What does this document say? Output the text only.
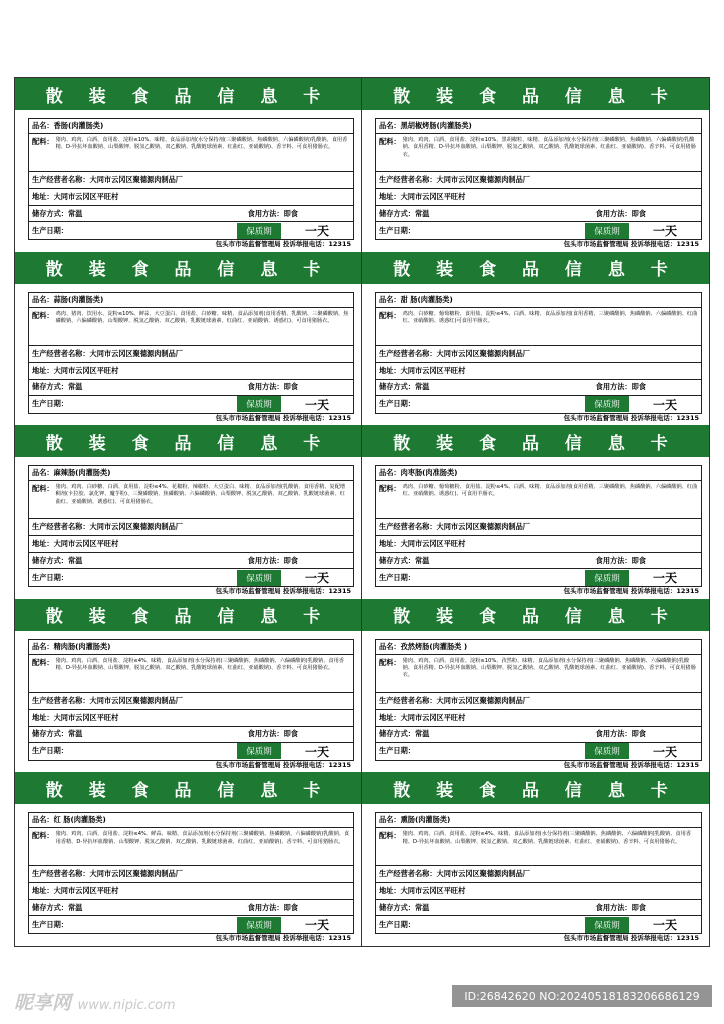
散 装 食 品 信 息 卡
品名： 香肠(肉灌肠类)
配料： 猪肉、鸡肉、白酒、食用盐、淀粉≤10%、味精、食品添加剂(水分保持剂(三聚磷酸钠、焦磷酸钠、六偏磷酸钠)乳酸钠、食用香精、D-异抗坏血酸钠、山梨酸钾、脱氢乙酸钠、双乙酸钠、乳酸链球菌素、红曲红、亚硝酸钠)、香辛料、可食用猪肠衣。
生产经营者名称： 大同市云冈区聚德源肉制品厂
地址： 大同市云冈区平旺村
储存方式：常温	食用方法：即食
生产日期：	保质期	一天
包头市市场监督管理局 投诉举报电话：12315
散 装 食 品 信 息 卡
品名： 黑胡椒烤肠(肉灌肠类)
配料： 猪肉、鸡肉、白酒、食用盐、淀粉≤10%、黑胡椒粒、味精、食品添加剂(水分保持剂(三聚磷酸钠、焦磷酸钠、六偏磷酸钠)乳酸钠、食用香精、D-异抗坏血酸钠、山梨酸钾、脱氢乙酸钠、双乙酸钠、乳酸链球菌素、红曲红、亚硝酸钠)、香辛料、可食用猪肠衣。
生产经营者名称： 大同市云冈区聚德源肉制品厂
地址： 大同市云冈区平旺村
储存方式：常温	食用方法：即食
生产日期：	保质期	一天
包头市市场监督管理局 投诉举报电话：12315
散 装 食 品 信 息 卡
品名： 蒜肠(肉灌肠类)
配料： 鸡肉、猪肉、饮用水、淀粉≤10%、鲜蒜、大豆蛋白、食用盐、白砂糖、味精、食品添加剂(食用香精、乳酸钠、三聚磷酸钠、焦磷酸钠、六偏磷酸钠、山梨酸钾、脱氢乙酸钠、双乙酸钠、乳酸链球菌素、红曲红、亚硝酸钠、诱惑红)、可食用猪肠衣。
生产经营者名称： 大同市云冈区聚德源肉制品厂
地址： 大同市云冈区平旺村
储存方式：常温	食用方法：即食
生产日期：	保质期	一天
包头市市场监督管理局 投诉举报电话：12315
散 装 食 品 信 息 卡
品名： 甜 肠(肉灌肠类)
配料： 鸡肉、白砂糖、葡萄糖粉、食用盐、淀粉≤4%、白酒、味精、食品添加剂(食用香精、三聚磷酸钠、焦磷酸钠、六偏磷酸钠、红曲红、亚硝酸钠、诱惑红)可食用羊肠衣。
生产经营者名称： 大同市云冈区聚德源肉制品厂
地址： 大同市云冈区平旺村
储存方式：常温	食用方法：即食
生产日期：	保质期	一天
包头市市场监督管理局 投诉举报电话：12315
散 装 食 品 信 息 卡
品名： 麻辣肠(肉灌肠类)
配料： 猪肉、鸡肉、白砂糖、白酒、食用盐、淀粉≤4%、花椒粉、辣椒粉、大豆蛋白、味精、食品添加剂(乳酸钠、食用香精、复配增稠剂(卡拉胶、氯化钾、魔芋粉)、三聚磷酸钠、焦磷酸钠、六偏磷酸钠、山梨酸钾、脱氢乙酸钠、双乙酸钠、乳酸链球菌素、红曲红、亚硝酸钠、诱惑红)、可食用猪肠衣。
生产经营者名称： 大同市云冈区聚德源肉制品厂
地址： 大同市云冈区平旺村
储存方式：常温	食用方法：即食
生产日期：	保质期	一天
包头市市场监督管理局 投诉举报电话：12315
散 装 食 品 信 息 卡
品名： 肉枣肠(肉准肠类)
配料： 鸡肉、白砂糖、葡萄糖粉、食用盐、淀粉≤4%、白酒、味精、食品添加剂(食用香精、三聚磷酸钠、焦磷酸钠、六偏磷酸钠、红曲红、亚硝酸钠、诱惑红)、可食用羊肠衣。
生产经营者名称： 大同市云冈区聚德源肉制品厂
地址： 大同市云冈区平旺村
储存方式：常温	食用方法：即食
生产日期：	保质期	一天
包头市市场监督管理局 投诉举报电话：12315
散 装 食 品 信 息 卡
品名： 精肉肠(肉灌肠类)
配料： 猪肉、鸡肉、白酒、食用盐、淀粉≤4%、味精、食品添加剂(水分保持剂(三聚磷酸钠、焦磷酸钠、六偏磷酸钠)乳酸钠、食用香精、D-异抗坏血酸钠、山梨酸钾、脱氢乙酸钠、双乙酸钠、乳酸链球菌素、红曲红、亚硝酸钠)、香辛料、可食用猪肠衣。
生产经营者名称： 大同市云冈区聚德源肉制品厂
地址： 大同市云冈区平旺村
储存方式：常温	食用方法：即食
生产日期：	保质期	一天
包头市市场监督管理局 投诉举报电话：12315
散 装 食 品 信 息 卡
品名： 孜然烤肠(肉灌肠类 )
配料： 猪肉、鸡肉、白酒、食用盐、淀粉≤10%、孜然粉、味精、食品添加剂(水分保持剂(三聚磷酸钠、焦磷酸钠、六偏磷酸钠)乳酸钠、食用香精、D-异抗坏血酸钠、山梨酸钾、脱氢乙酸钠、双乙酸钠、乳酸链球菌素、红曲红、亚硝酸钠)、香辛料、可食用猪肠衣。
生产经营者名称： 大同市云冈区聚德源肉制品厂
地址： 大同市云冈区平旺村
储存方式：常温	食用方法：即食
生产日期：	保质期	一天
包头市市场监督管理局 投诉举报电话：12315
散 装 食 品 信 息 卡
品名： 红 肠(肉灌肠类)
配料： 猪肉、鸡肉、白酒、食用盐、淀粉≤4%、鲜蒜、味精、食品添加剂(水分保持剂(三聚磷酸钠、焦磷酸钠、六偏磷酸钠)乳酸钠、食用香精、D-异抗坏血酸钠、山梨酸钾、脱氢乙酸钠、双乙酸钠、乳酸链球菌素、红曲红、亚硝酸钠)、香辛料、可食用猪肠衣。
生产经营者名称： 大同市云冈区聚德源肉制品厂
地址： 大同市云冈区平旺村
储存方式：常温	食用方法：即食
生产日期：	保质期	一天
包头市市场监督管理局 投诉举报电话：12315
散 装 食 品 信 息 卡
品名： 熏肠(肉灌肠类)
配料： 猪肉、鸡肉、白酒、食用盐、淀粉≤4%、味精、食品添加剂(水分保持剂(三聚磷酸钠、焦磷酸钠、六偏磷酸钠)乳酸钠、食用香精、D-异抗坏血酸钠、山梨酸钾、脱氢乙酸钠、双乙酸钠、乳酸链球菌素、红曲红、亚硝酸钠)、香辛料、可食用猪肠衣。
生产经营者名称： 大同市云冈区聚德源肉制品厂
地址： 大同市云冈区平旺村
储存方式：常温	食用方法：即食
生产日期：	保质期	一天
包头市市场监督管理局 投诉举报电话：12315
昵享网 www.nipic.com
ID:26842620 NO:20240518183206686129
